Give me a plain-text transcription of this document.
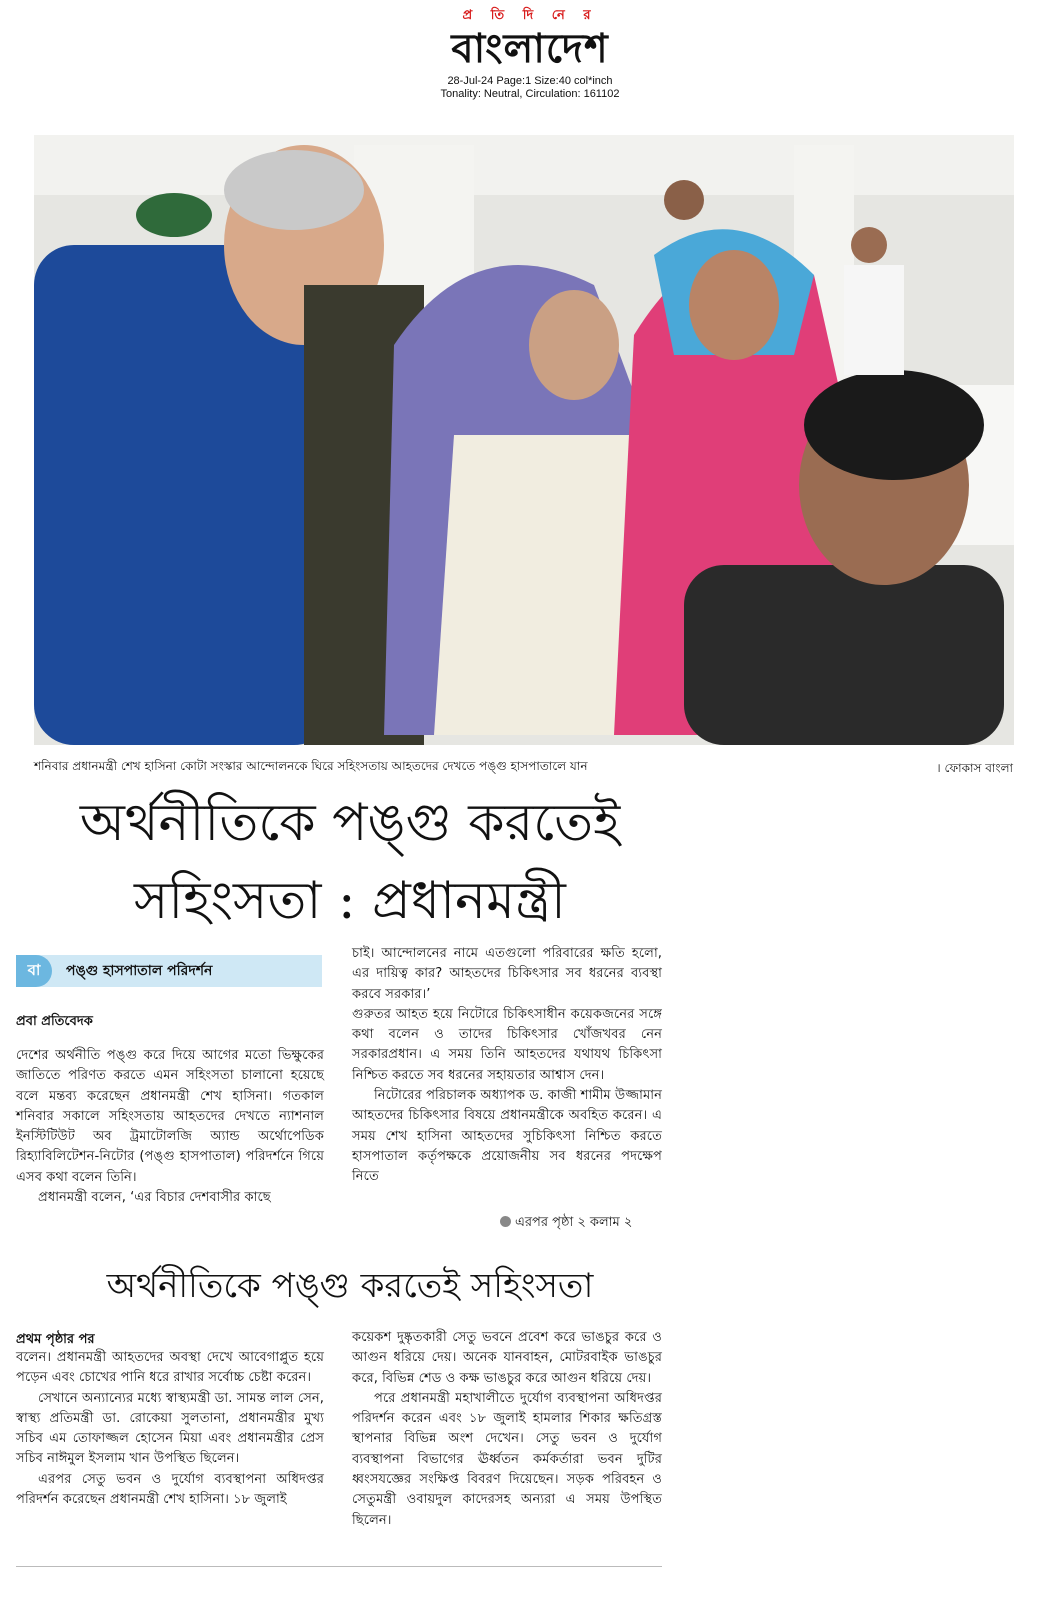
প্র তি দি নে র
বাংলাদেশ
28-Jul-24 Page:1 Size:40 col*inch
Tonality: Neutral, Circulation: 161102
শনিবার প্রধানমন্ত্রী শেখ হাসিনা কোটা সংস্কার আন্দোলনকে ঘিরে সহিংসতায় আহতদের দেখতে পঙ্গু হাসপাতালে যান	। ফোকাস বাংলা
অর্থনীতিকে পঙ্গু করতেই
সহিংসতা : প্রধানমন্ত্রী
বা	পঙ্গু হাসপাতাল পরিদর্শন
প্রবা প্রতিবেদক

দেশের অর্থনীতি পঙ্গু করে দিয়ে আগের মতো ভিক্ষুকের জাতিতে পরিণত করতে এমন সহিংসতা চালানো হয়েছে বলে মন্তব্য করেছেন প্রধানমন্ত্রী শেখ হাসিনা। গতকাল শনিবার সকালে সহিংসতায় আহতদের দেখতে ন্যাশনাল ইনস্টিটিউট অব ট্রমাটোলজি অ্যান্ড অর্থোপেডিক রিহ্যাবিলিটেশন-নিটোর (পঙ্গু হাসপাতাল) পরিদর্শনে গিয়ে এসব কথা বলেন তিনি।

প্রধানমন্ত্রী বলেন, ‘এর বিচার দেশবাসীর কাছে

চাই। আন্দোলনের নামে এতগুলো পরিবারের ক্ষতি হলো, এর দায়িত্ব কার? আহতদের চিকিৎসার সব ধরনের ব্যবস্থা করবে সরকার।’

গুরুতর আহত হয়ে নিটোরে চিকিৎসাধীন কয়েকজনের সঙ্গে কথা বলেন ও তাদের চিকিৎসার খোঁজখবর নেন সরকারপ্রধান। এ সময় তিনি আহতদের যথাযথ চিকিৎসা নিশ্চিত করতে সব ধরনের সহায়তার আশ্বাস দেন।

নিটোরের পরিচালক অধ্যাপক ড. কাজী শামীম উজ্জামান আহতদের চিকিৎসার বিষয়ে প্রধানমন্ত্রীকে অবহিত করেন। এ সময় শেখ হাসিনা আহতদের সুচিকিৎসা নিশ্চিত করতে হাসপাতাল কর্তৃপক্ষকে প্রয়োজনীয় সব ধরনের পদক্ষেপ নিতে

এরপর পৃষ্ঠা ২ কলাম ২
অর্থনীতিকে পঙ্গু করতেই সহিংসতা
প্রথম পৃষ্ঠার পর

বলেন। প্রধানমন্ত্রী আহতদের অবস্থা দেখে আবেগাপ্লুত হয়ে পড়েন এবং চোখের পানি ধরে রাখার সর্বোচ্চ চেষ্টা করেন।

সেখানে অন্যান্যের মধ্যে স্বাস্থ্যমন্ত্রী ডা. সামন্ত লাল সেন, স্বাস্থ্য প্রতিমন্ত্রী ডা. রোকেয়া সুলতানা, প্রধানমন্ত্রীর মুখ্য সচিব এম তোফাজ্জল হোসেন মিয়া এবং প্রধানমন্ত্রীর প্রেস সচিব নাঈমুল ইসলাম খান উপস্থিত ছিলেন।

এরপর সেতু ভবন ও দুর্যোগ ব্যবস্থাপনা অধিদপ্তর পরিদর্শন করেছেন প্রধানমন্ত্রী শেখ হাসিনা। ১৮ জুলাই

কয়েকশ দুষ্কৃতকারী সেতু ভবনে প্রবেশ করে ভাঙচুর করে ও আগুন ধরিয়ে দেয়। অনেক যানবাহন, মোটরবাইক ভাঙচুর করে, বিভিন্ন শেড ও কক্ষ ভাঙচুর করে আগুন ধরিয়ে দেয়।

পরে প্রধানমন্ত্রী মহাখালীতে দুর্যোগ ব্যবস্থাপনা অধিদপ্তর পরিদর্শন করেন এবং ১৮ জুলাই হামলার শিকার ক্ষতিগ্রস্ত স্থাপনার বিভিন্ন অংশ দেখেন। সেতু ভবন ও দুর্যোগ ব্যবস্থাপনা বিভাগের ঊর্ধ্বতন কর্মকর্তারা ভবন দুটির ধ্বংসযজ্ঞের সংক্ষিপ্ত বিবরণ দিয়েছেন। সড়ক পরিবহন ও সেতুমন্ত্রী ওবায়দুল কাদেরসহ অন্যরা এ সময় উপস্থিত ছিলেন।
